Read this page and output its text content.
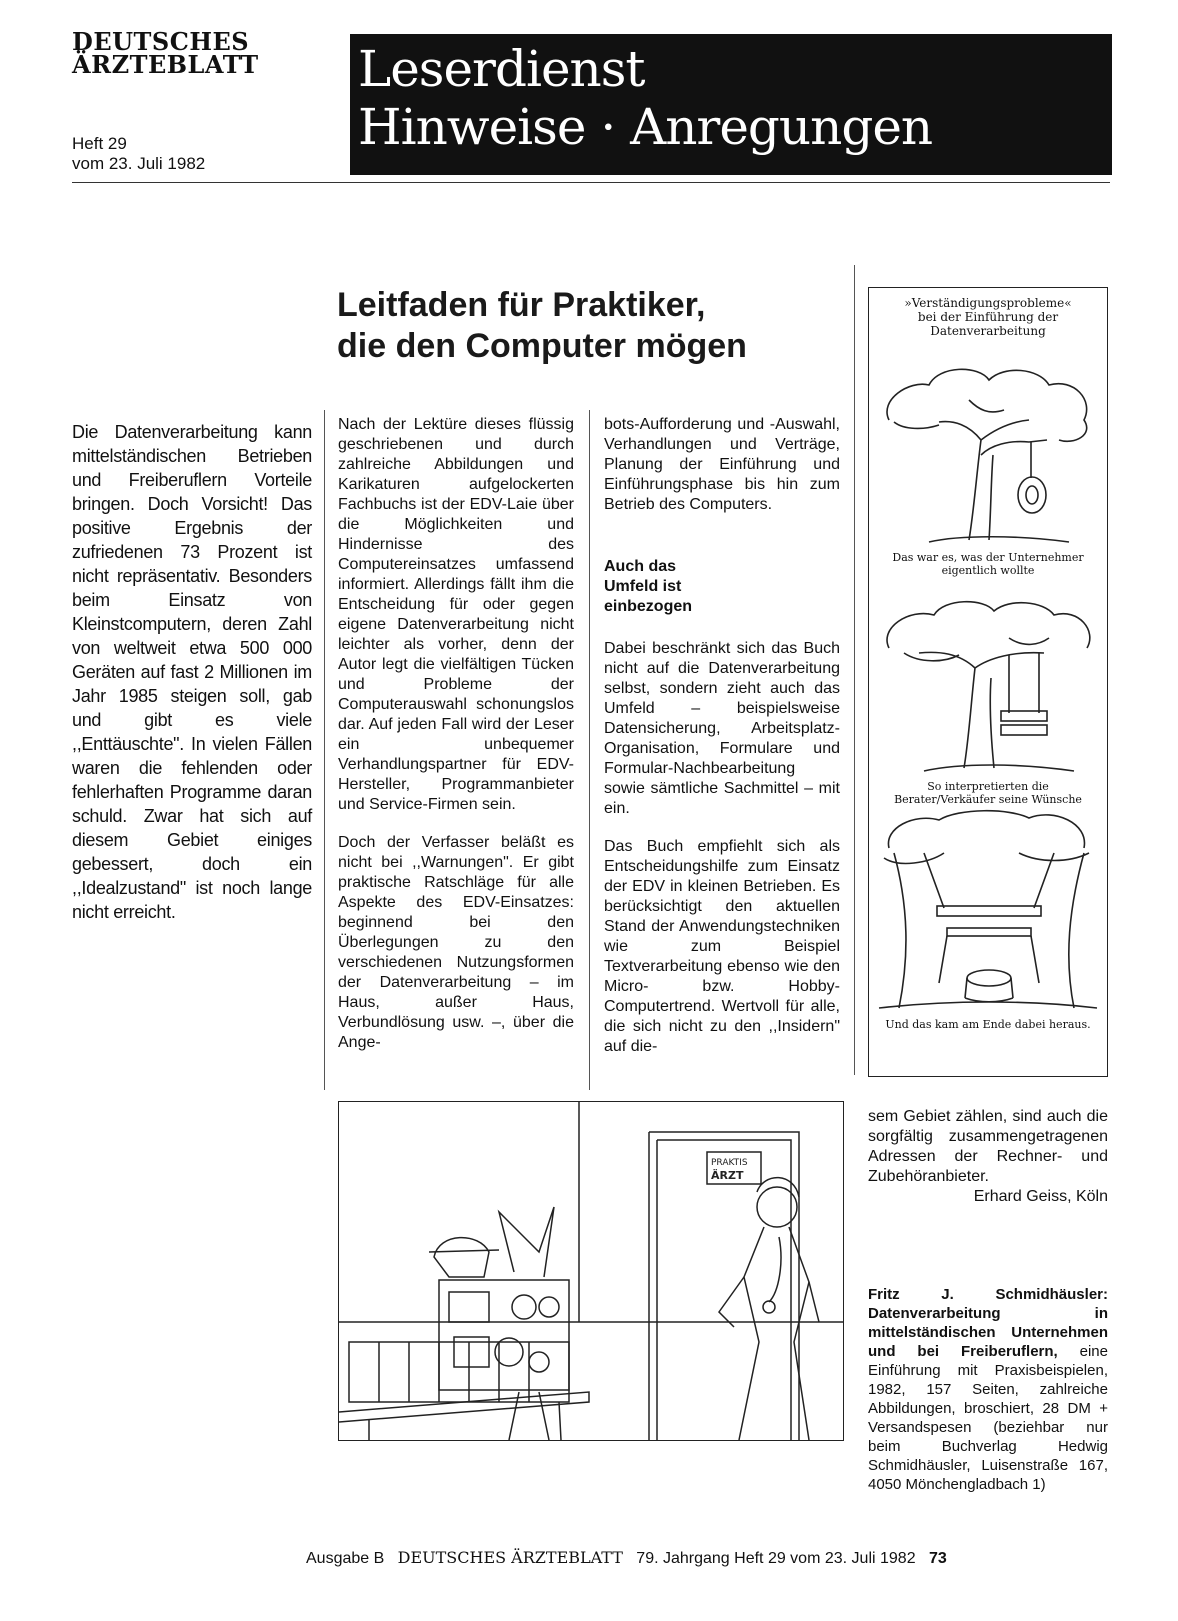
DEUTSCHES
ÄRZTEBLATT
Heft 29
vom 23. Juli 1982
Leserdienst
Hinweise · Anregungen
Leitfaden für Praktiker,
die den Computer mögen
Die Datenverarbeitung kann mittelständischen Betrieben und Freiberuflern Vorteile bringen. Doch Vorsicht! Das positive Ergebnis der zufriedenen 73 Prozent ist nicht repräsentativ. Besonders beim Einsatz von Kleinstcomputern, deren Zahl von weltweit etwa 500 000 Geräten auf fast 2 Millionen im Jahr 1985 steigen soll, gab und gibt es viele ,,Enttäuschte". In vielen Fällen waren die fehlenden oder fehlerhaften Programme daran schuld. Zwar hat sich auf diesem Gebiet einiges gebessert, doch ein ,,Idealzustand" ist noch lange nicht erreicht.

Nach der Lektüre dieses flüssig geschriebenen und durch zahlreiche Abbildungen und Karikaturen aufgelockerten Fachbuchs ist der EDV-Laie über die Möglichkeiten und Hindernisse des Computereinsatzes umfassend informiert. Allerdings fällt ihm die Entscheidung für oder gegen eigene Datenverarbeitung nicht leichter als vorher, denn der Autor legt die vielfältigen Tücken und Probleme der Computerauswahl schonungslos dar. Auf jeden Fall wird der Leser ein unbequemer Verhandlungspartner für EDV-Hersteller, Programmanbieter und Service-Firmen sein.

Doch der Verfasser beläßt es nicht bei ,,Warnungen". Er gibt praktische Ratschläge für alle Aspekte des EDV-Einsatzes: beginnend bei den Überlegungen zu den verschiedenen Nutzungsformen der Datenverarbeitung – im Haus, außer Haus, Verbundlösung usw. –, über die Ange-

bots-Aufforderung und -Auswahl, Verhandlungen und Verträge, Planung der Einführung und Einführungsphase bis hin zum Betrieb des Computers.

Auch das Umfeld ist einbezogen

Dabei beschränkt sich das Buch nicht auf die Datenverarbeitung selbst, sondern zieht auch das Umfeld – beispielsweise Datensicherung, Arbeitsplatz-Organisation, Formulare und Formular-Nachbearbeitung sowie sämtliche Sachmittel – mit ein.

Das Buch empfiehlt sich als Entscheidungshilfe zum Einsatz der EDV in kleinen Betrieben. Es berücksichtigt den aktuellen Stand der Anwendungstechniken wie zum Beispiel Textverarbeitung ebenso wie den Micro- bzw. Hobby-Computertrend. Wertvoll für alle, die sich nicht zu den ,,Insidern" auf die-

»Verständigungsprobleme« bei der Einführung der Datenverarbeitung
Das war es, was der Unternehmer eigentlich wollte
So interpretierten die Berater/Verkäufer seine Wünsche
Und das kam am Ende dabei heraus.

sem Gebiet zählen, sind auch die sorgfältig zusammengetragenen Adressen der Rechner- und Zubehöranbieter.

Erhard Geiss, Köln

Fritz J. Schmidhäusler: Datenverarbeitung in mittelständischen Unternehmen und bei Freiberuflern, eine Einführung mit Praxisbeispielen, 1982, 157 Seiten, zahlreiche Abbildungen, broschiert, 28 DM + Versandspesen (beziehbar nur beim Buchverlag Hedwig Schmidhäusler, Luisenstraße 167, 4050 Mönchengladbach 1)

PRAKTIS
ÄRZT
Ausgabe B DEUTSCHES ÄRZTEBLATT 79. Jahrgang Heft 29 vom 23. Juli 1982 73
